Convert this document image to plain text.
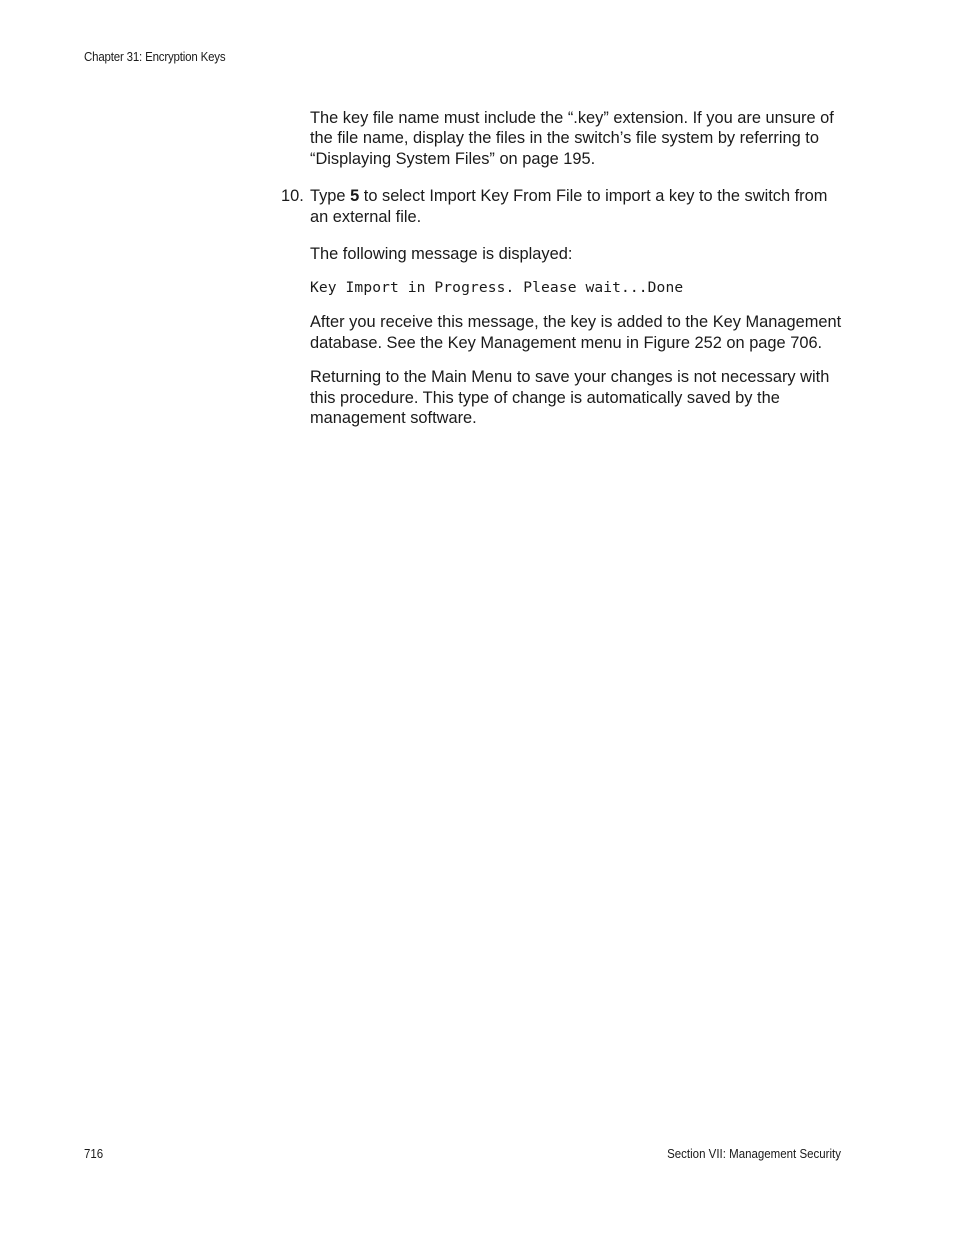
Chapter 31: Encryption Keys

The key file name must include the “.key” extension. If you are unsure of the file name, display the files in the switch’s file system by referring to “Displaying System Files” on page 195.

10. Type 5 to select Import Key From File to import a key to the switch from an external file.

The following message is displayed:

Key Import in Progress. Please wait...Done

After you receive this message, the key is added to the Key Management database. See the Key Management menu in Figure 252 on page 706.

Returning to the Main Menu to save your changes is not necessary with this procedure. This type of change is automatically saved by the management software.

716	Section VII: Management Security
